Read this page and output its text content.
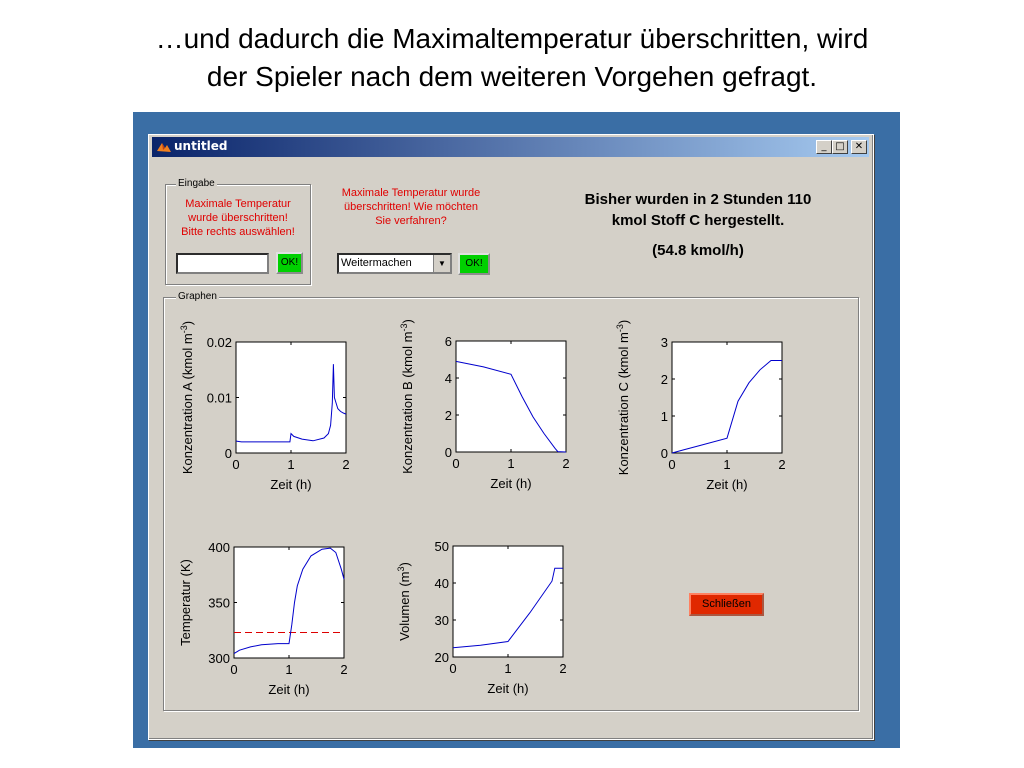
…und dadurch die Maximaltemperatur überschritten, wird
der Spieler nach dem weiteren Vorgehen gefragt.
untitled	_ □	✕
Eingabe
Maximale Temperatur
wurde überschritten!
Bitte rechts auswählen!
OK!
Maximale Temperatur wurde
überschritten! Wie möchten
Sie verfahren?
Weitermachen	▼	OK!
Bisher wurden in 2 Stunden 110
kmol Stoff C hergestellt.
(54.8 kmol/h)
Graphen
Schließen
0	1	2
0
0.01
0.02
Zeit (h)
Konzentration A (kmol $m^{-3}$)
0	1	2
0
2
4
6
Zeit (h)
Konzentration B (kmol $m^{-3}$)
0	1	2
0
1
2
3
Zeit (h)
Konzentration C (kmol $m^{-3}$)
0	1	2
300
350
400
Zeit (h)
Temperatur (K)
0	1	2
20
30
40
50
Zeit (h)
Volumen $(m^3)$
